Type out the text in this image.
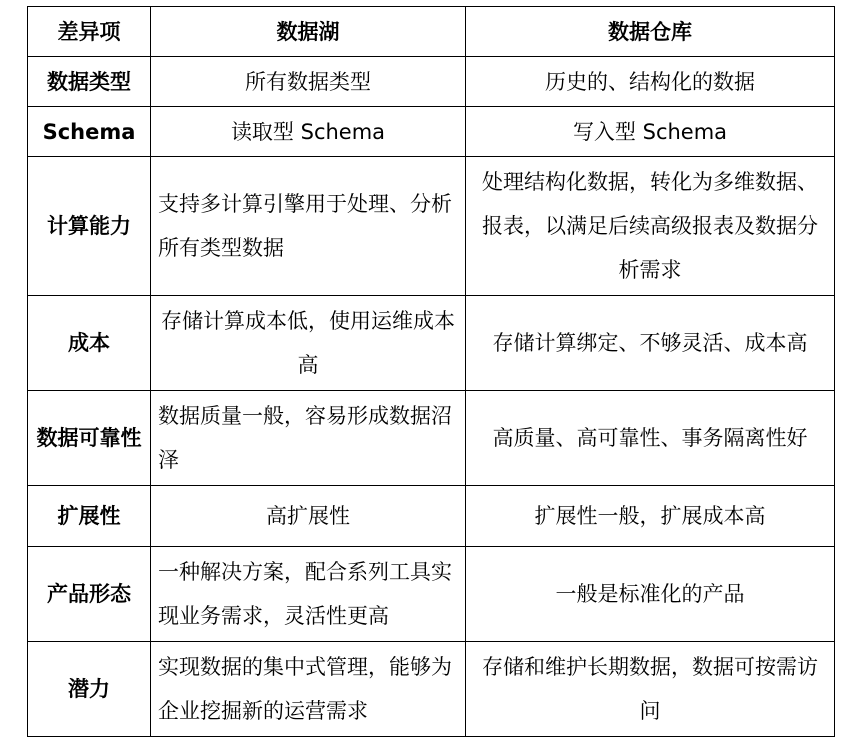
差异项	数据湖	数据仓库
数据类型	所有数据类型	历史的、结构化的数据
Schema	读取型 Schema	写入型 Schema
计算能力	支持多计算引擎用于处理、分析所有类型数据	处理结构化数据，转化为多维数据、报表，以满足后续高级报表及数据分析需求

成本	存储计算成本低，使用运维成本高	存储计算绑定、不够灵活、成本高
数据可靠性	数据质量一般，容易形成数据沼泽	高质量、高可靠性、事务隔离性好
扩展性	高扩展性	扩展性一般，扩展成本高
产品形态	一种解决方案，配合系列工具实现业务需求，灵活性更高	一般是标准化的产品
潜力	实现数据的集中式管理，能够为企业挖掘新的运营需求	存储和维护长期数据，数据可按需访问
